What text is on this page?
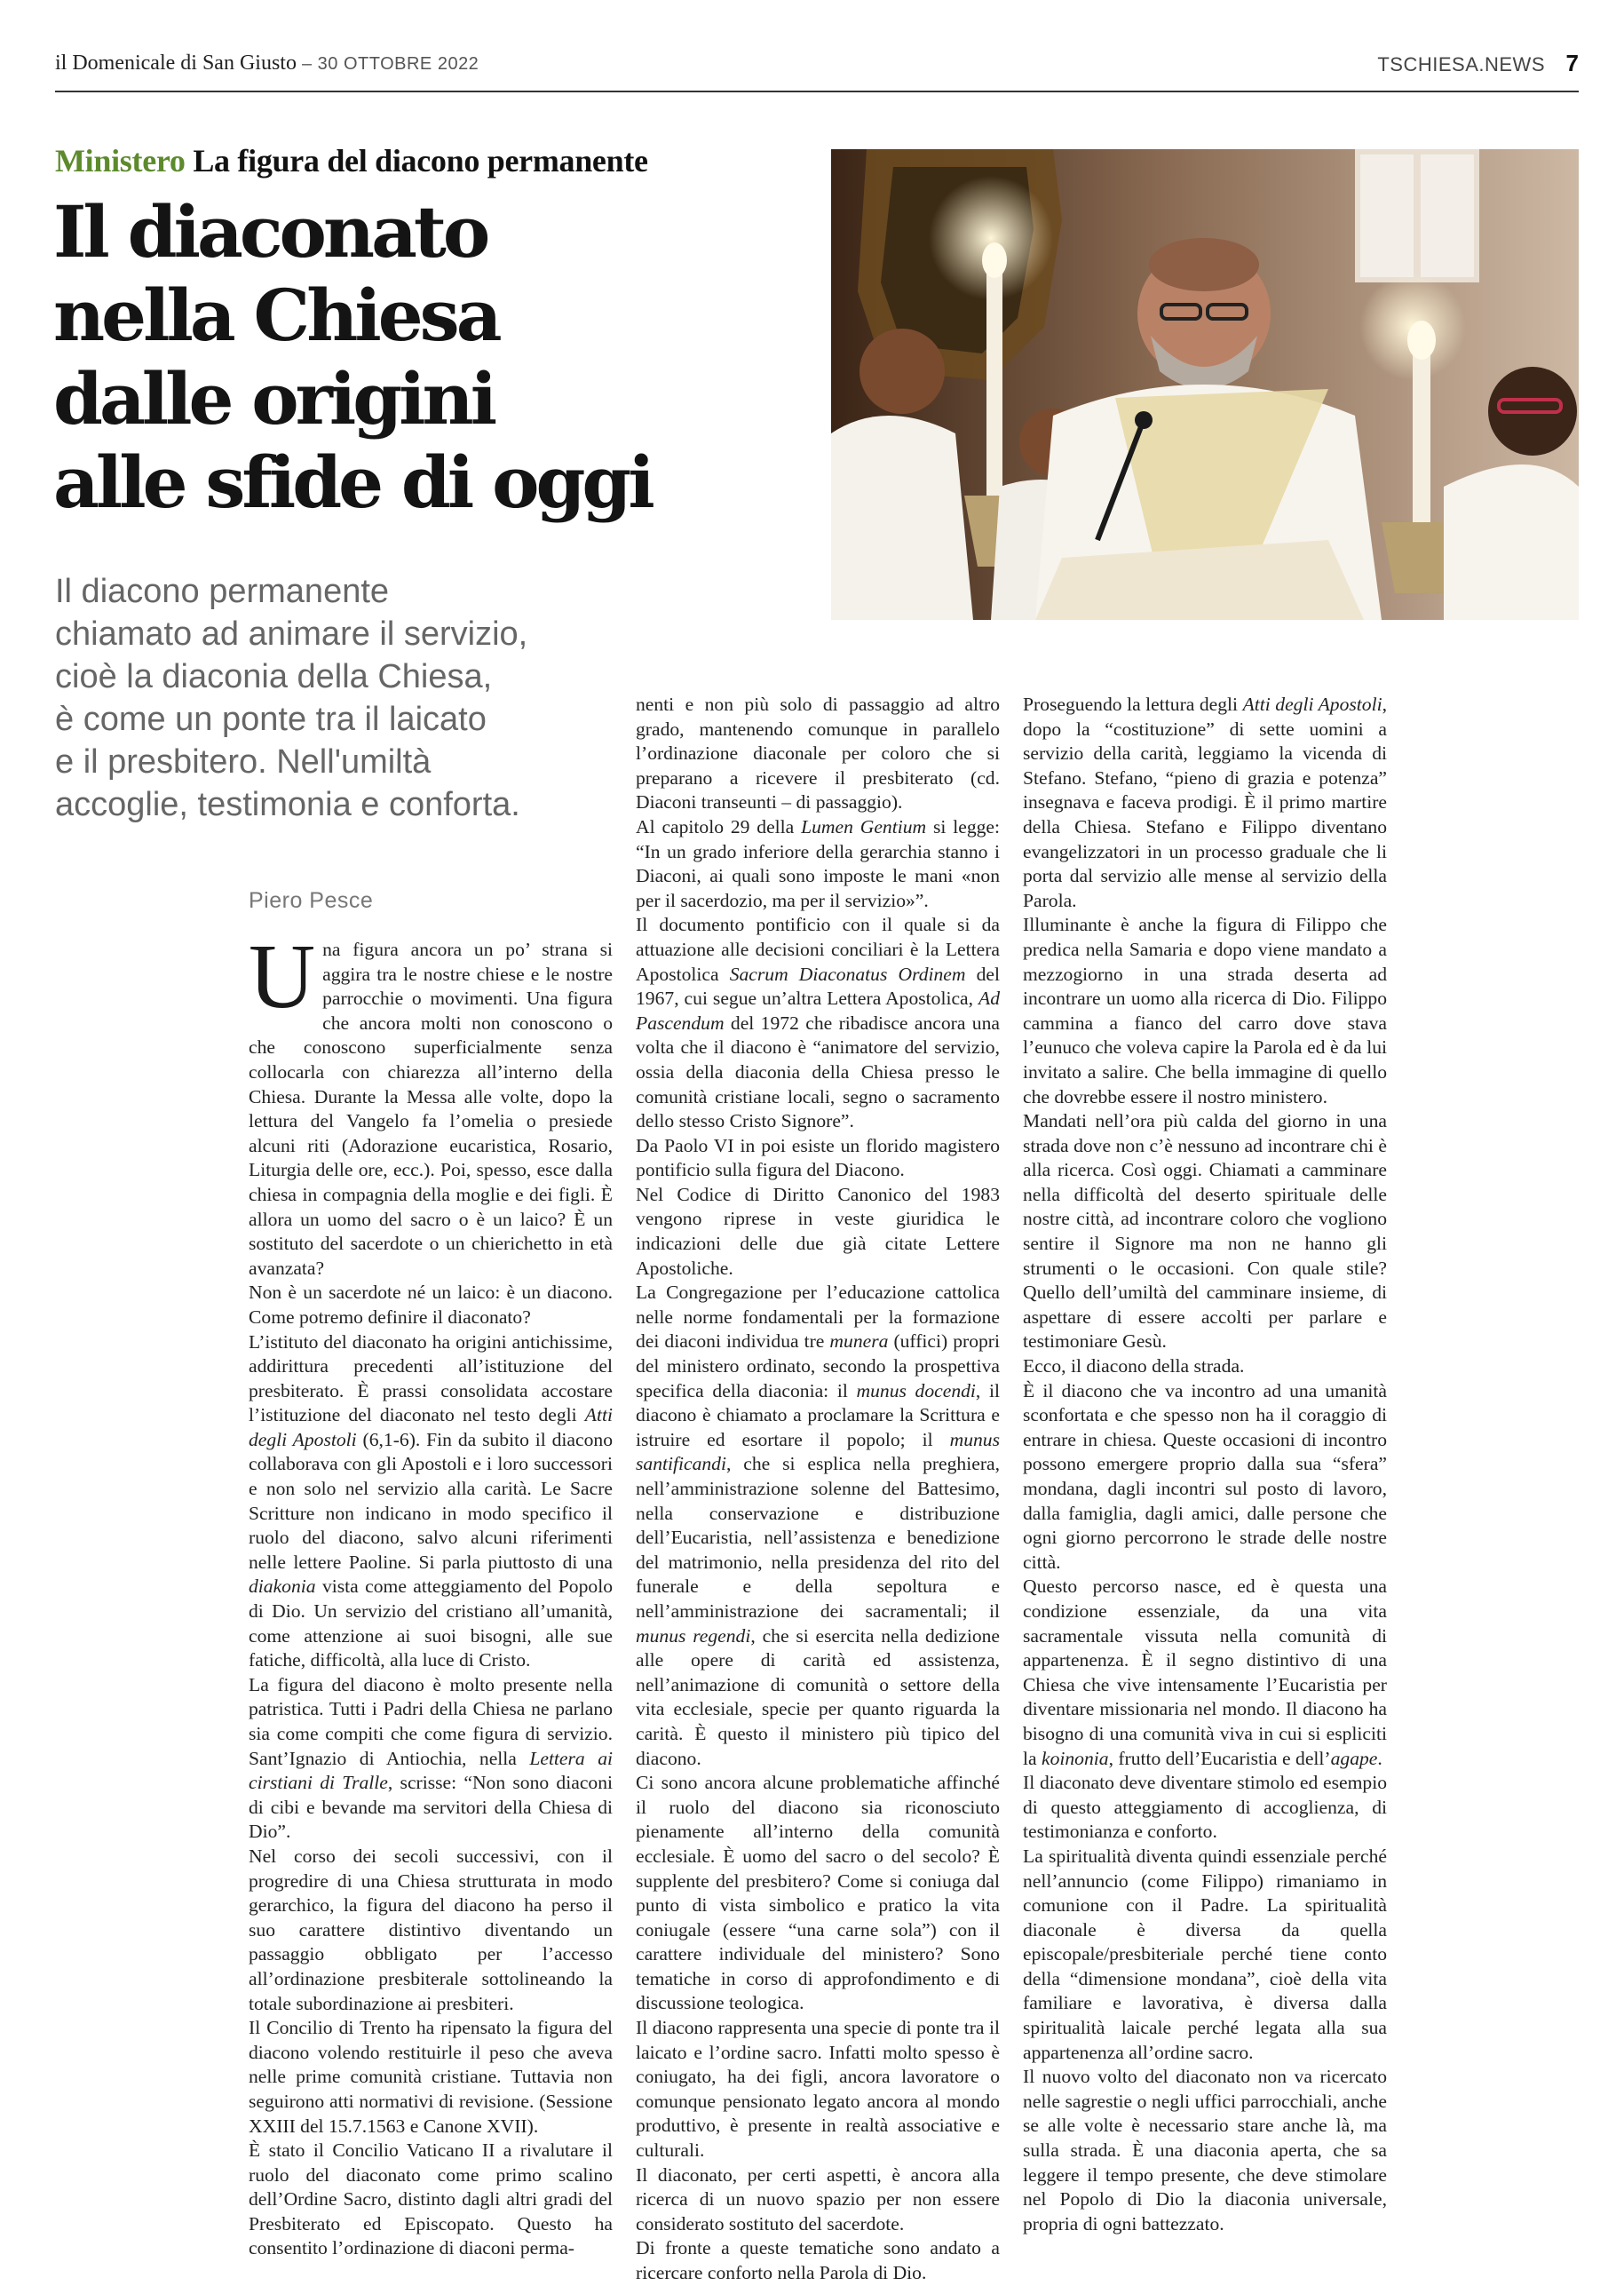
il Domenicale di San Giusto – 30 OTTOBRE 2022	TSCHIESA.NEWS 7
Ministero La figura del diacono permanente
Il diaconato
nella Chiesa
dalle origini
alle sfide di oggi

Il diacono permanente
chiamato ad animare il servizio,
cioè la diaconia della Chiesa,
è come un ponte tra il laicato
e il presbitero. Nell'umiltà
accoglie, testimonia e conforta.

Piero Pesce

Una figura ancora un po’ strana si aggira tra le nostre chiese e le nostre parrocchie o movimenti. Una figura che ancora molti non conoscono o che conoscono superficialmente senza collocarla con chiarezza all’interno della Chiesa. Durante la Messa alle volte, dopo la lettura del Vangelo fa l’omelia o presiede alcuni riti (Adorazione eucaristica, Rosario, Liturgia delle ore, ecc.). Poi, spesso, esce dalla chiesa in compagnia della moglie e dei figli. È allora un uomo del sacro o è un laico? È un sostituto del sacerdote o un chierichetto in età avanzata?

Non è un sacerdote né un laico: è un diacono. Come potremo definire il diaconato?

L’istituto del diaconato ha origini antichissime, addirittura precedenti all’istituzione del presbiterato. È prassi consolidata accostare l’istituzione del diaconato nel testo degli Atti degli Apostoli (6,1-6). Fin da subito il diacono collaborava con gli Apostoli e i loro successori e non solo nel servizio alla carità. Le Sacre Scritture non indicano in modo specifico il ruolo del diacono, salvo alcuni riferimenti nelle lettere Paoline. Si parla piuttosto di una diakonia vista come atteggiamento del Popolo di Dio. Un servizio del cristiano all’umanità, come attenzione ai suoi bisogni, alle sue fatiche, difficoltà, alla luce di Cristo.

La figura del diacono è molto presente nella patristica. Tutti i Padri della Chiesa ne parlano sia come compiti che come figura di servizio. Sant’Ignazio di Antiochia, nella Lettera ai cirstiani di Tralle, scrisse: “Non sono diaconi di cibi e bevande ma servitori della Chiesa di Dio”.

Nel corso dei secoli successivi, con il progredire di una Chiesa strutturata in modo gerarchico, la figura del diacono ha perso il suo carattere distintivo diventando un passaggio obbligato per l’accesso all’ordinazione presbiterale sottolineando la totale subordinazione ai presbiteri.

Il Concilio di Trento ha ripensato la figura del diacono volendo restituirle il peso che aveva nelle prime comunità cristiane. Tuttavia non seguirono atti normativi di revisione. (Sessione XXIII del 15.7.1563 e Canone XVII).

È stato il Concilio Vaticano II a rivalutare il ruolo del diaconato come primo scalino dell’Ordine Sacro, distinto dagli altri gradi del Presbiterato ed Episcopato. Questo ha consentito l’ordinazione di diaconi perma-

nenti e non più solo di passaggio ad altro grado, mantenendo comunque in parallelo l’ordinazione diaconale per coloro che si preparano a ricevere il presbiterato (cd. Diaconi transeunti – di passaggio).

Al capitolo 29 della Lumen Gentium si legge: “In un grado inferiore della gerarchia stanno i Diaconi, ai quali sono imposte le mani «non per il sacerdozio, ma per il servizio»”.

Il documento pontificio con il quale si da attuazione alle decisioni conciliari è la Lettera Apostolica Sacrum Diaconatus Ordinem del 1967, cui segue un’altra Lettera Apostolica, Ad Pascendum del 1972 che ribadisce ancora una volta che il diacono è “animatore del servizio, ossia della diaconia della Chiesa presso le comunità cristiane locali, segno o sacramento dello stesso Cristo Signore”.

Da Paolo VI in poi esiste un florido magistero pontificio sulla figura del Diacono.

Nel Codice di Diritto Canonico del 1983 vengono riprese in veste giuridica le indicazioni delle due già citate Lettere Apostoliche.

La Congregazione per l’educazione cattolica nelle norme fondamentali per la formazione dei diaconi individua tre munera (uffici) propri del ministero ordinato, secondo la prospettiva specifica della diaconia: il munus docendi, il diacono è chiamato a proclamare la Scrittura e istruire ed esortare il popolo; il munus santificandi, che si esplica nella preghiera, nell’amministrazione solenne del Battesimo, nella conservazione e distribuzione dell’Eucaristia, nell’assistenza e benedizione del matrimonio, nella presidenza del rito del funerale e della sepoltura e nell’amministrazione dei sacramentali; il munus regendi, che si esercita nella dedizione alle opere di carità ed assistenza, nell’animazione di comunità o settore della vita ecclesiale, specie per quanto riguarda la carità. È questo il ministero più tipico del diacono.

Ci sono ancora alcune problematiche affinché il ruolo del diacono sia riconosciuto pienamente all’interno della comunità ecclesiale. È uomo del sacro o del secolo? È supplente del presbitero? Come si coniuga dal punto di vista simbolico e pratico la vita coniugale (essere “una carne sola”) con il carattere individuale del ministero? Sono tematiche in corso di approfondimento e di discussione teologica.

Il diacono rappresenta una specie di ponte tra il laicato e l’ordine sacro. Infatti molto spesso è coniugato, ha dei figli, ancora lavoratore o comunque pensionato legato ancora al mondo produttivo, è presente in realtà associative e culturali.

Il diaconato, per certi aspetti, è ancora alla ricerca di un nuovo spazio per non essere considerato sostituto del sacerdote.

Di fronte a queste tematiche sono andato a ricercare conforto nella Parola di Dio.

Proseguendo la lettura degli Atti degli Apostoli, dopo la “costituzione” di sette uomini a servizio della carità, leggiamo la vicenda di Stefano. Stefano, “pieno di grazia e potenza” insegnava e faceva prodigi. È il primo martire della Chiesa. Stefano e Filippo diventano evangelizzatori in un processo graduale che li porta dal servizio alle mense al servizio della Parola.

Illuminante è anche la figura di Filippo che predica nella Samaria e dopo viene mandato a mezzogiorno in una strada deserta ad incontrare un uomo alla ricerca di Dio. Filippo cammina a fianco del carro dove stava l’eunuco che voleva capire la Parola ed è da lui invitato a salire. Che bella immagine di quello che dovrebbe essere il nostro ministero.

Mandati nell’ora più calda del giorno in una strada dove non c’è nessuno ad incontrare chi è alla ricerca. Così oggi. Chiamati a camminare nella difficoltà del deserto spirituale delle nostre città, ad incontrare coloro che vogliono sentire il Signore ma non ne hanno gli strumenti o le occasioni. Con quale stile? Quello dell’umiltà del camminare insieme, di aspettare di essere accolti per parlare e testimoniare Gesù.

Ecco, il diacono della strada.

È il diacono che va incontro ad una umanità sconfortata e che spesso non ha il coraggio di entrare in chiesa. Queste occasioni di incontro possono emergere proprio dalla sua “sfera” mondana, dagli incontri sul posto di lavoro, dalla famiglia, dagli amici, dalle persone che ogni giorno percorrono le strade delle nostre città.

Questo percorso nasce, ed è questa una condizione essenziale, da una vita sacramentale vissuta nella comunità di appartenenza. È il segno distintivo di una Chiesa che vive intensamente l’Eucaristia per diventare missionaria nel mondo. Il diacono ha bisogno di una comunità viva in cui si espliciti la koinonia, frutto dell’Eucaristia e dell’agape.

Il diaconato deve diventare stimolo ed esempio di questo atteggiamento di accoglienza, di testimonianza e conforto.

La spiritualità diventa quindi essenziale perché nell’annuncio (come Filippo) rimaniamo in comunione con il Padre. La spiritualità diaconale è diversa da quella episcopale/presbiteriale perché tiene conto della “dimensione mondana”, cioè della vita familiare e lavorativa, è diversa dalla spiritualità laicale perché legata alla sua appartenenza all’ordine sacro.

Il nuovo volto del diaconato non va ricercato nelle sagrestie o negli uffici parrocchiali, anche se alle volte è necessario stare anche là, ma sulla strada. È una diaconia aperta, che sa leggere il tempo presente, che deve stimolare nel Popolo di Dio la diaconia universale, propria di ogni battezzato.
